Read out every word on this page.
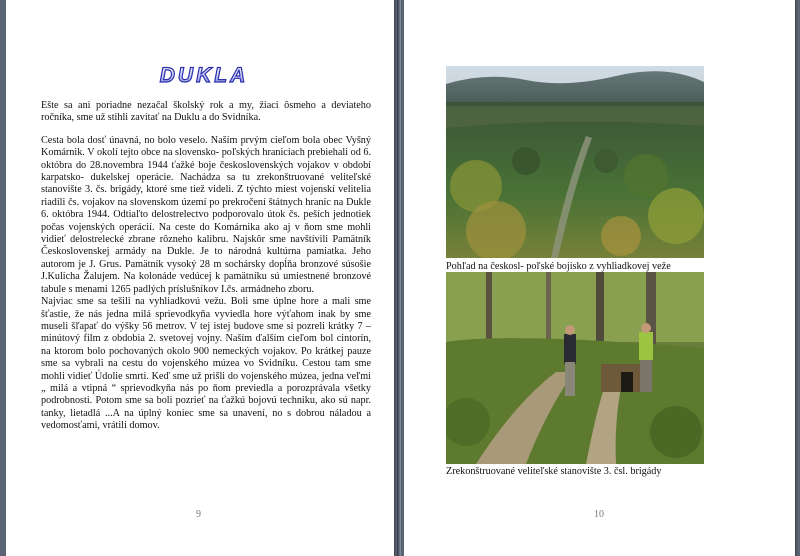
DUKLA

Ešte sa ani poriadne nezačal školský rok a my, žiaci ôsmeho a deviateho ročníka, sme už stihli zavítať na Duklu a do Svidníka.

Cesta bola dosť únavná, no bolo veselo. Naším prvým cieľom bola obec Vyšný Komárnik. V okolí tejto obce na slovensko- poľských hraniciach prebiehali od 6. októbra do 28.novembra 1944 ťažké boje československých vojakov v období karpatsko- dukelskej operácie. Nachádza sa tu zrekonštruované veliteľské stanovište 3. čs. brigády, ktoré sme tiež videli. Z týchto miest vojenskí velitelia riadili čs. vojakov na slovenskom území po prekročení štátnych hraníc na Dukle 6. októbra 1944. Odtiaľto delostrelectvo podporovalo útok čs. peších jednotiek počas vojenských operácií. Na ceste do Komárnika ako aj v ňom sme mohli vidieť delostrelecké zbrane rôzneho kalibru. Najskôr sme navštívili Pamätník Československej armády na Dukle. Je to národná kultúrna pamiatka. Jeho autorom je J. Grus. Pamätník vysoký 28 m sochársky dopĺňa bronzové súsošie J.Kulicha Žalujem. Na kolonáde vedúcej k pamätníku sú umiestnené bronzové tabule s menami 1265 padlých príslušníkov I.čs. armádneho zboru.

Najviac sme sa tešili na vyhliadkovú vežu. Boli sme úplne hore a mali sme šťastie, že nás jedna milá sprievodkyňa vyviedla hore výťahom inak by sme museli šľapať do výšky 56 metrov. V tej istej budove sme si pozreli krátky 7 – minútový film z obdobia 2. svetovej vojny. Naším ďalším cieľom bol cintorín, na ktorom bolo pochovaných okolo 900 nemeckých vojakov. Po krátkej pauze sme sa vybrali na cestu do vojenského múzea vo Svidníku. Cestou tam sme mohli vidieť Údolie smrti. Keď sme už prišli do vojenského múzea, jedna veľmi „ milá a vtipná “ sprievodkyňa nás po ňom previedla a porozprávala všetky podrobnosti. Potom sme sa boli pozrieť na ťažkú bojovú techniku, ako sú napr. tanky, lietadlá ...A na úplný koniec sme sa unavení, no s dobrou náladou a vedomosťami, vrátili domov.

9
Pohľad na českosl- poľské bojisko z vyhliadkovej veže
Zrekonštruované veliteľské stanovište 3. čsl. brigády
10
